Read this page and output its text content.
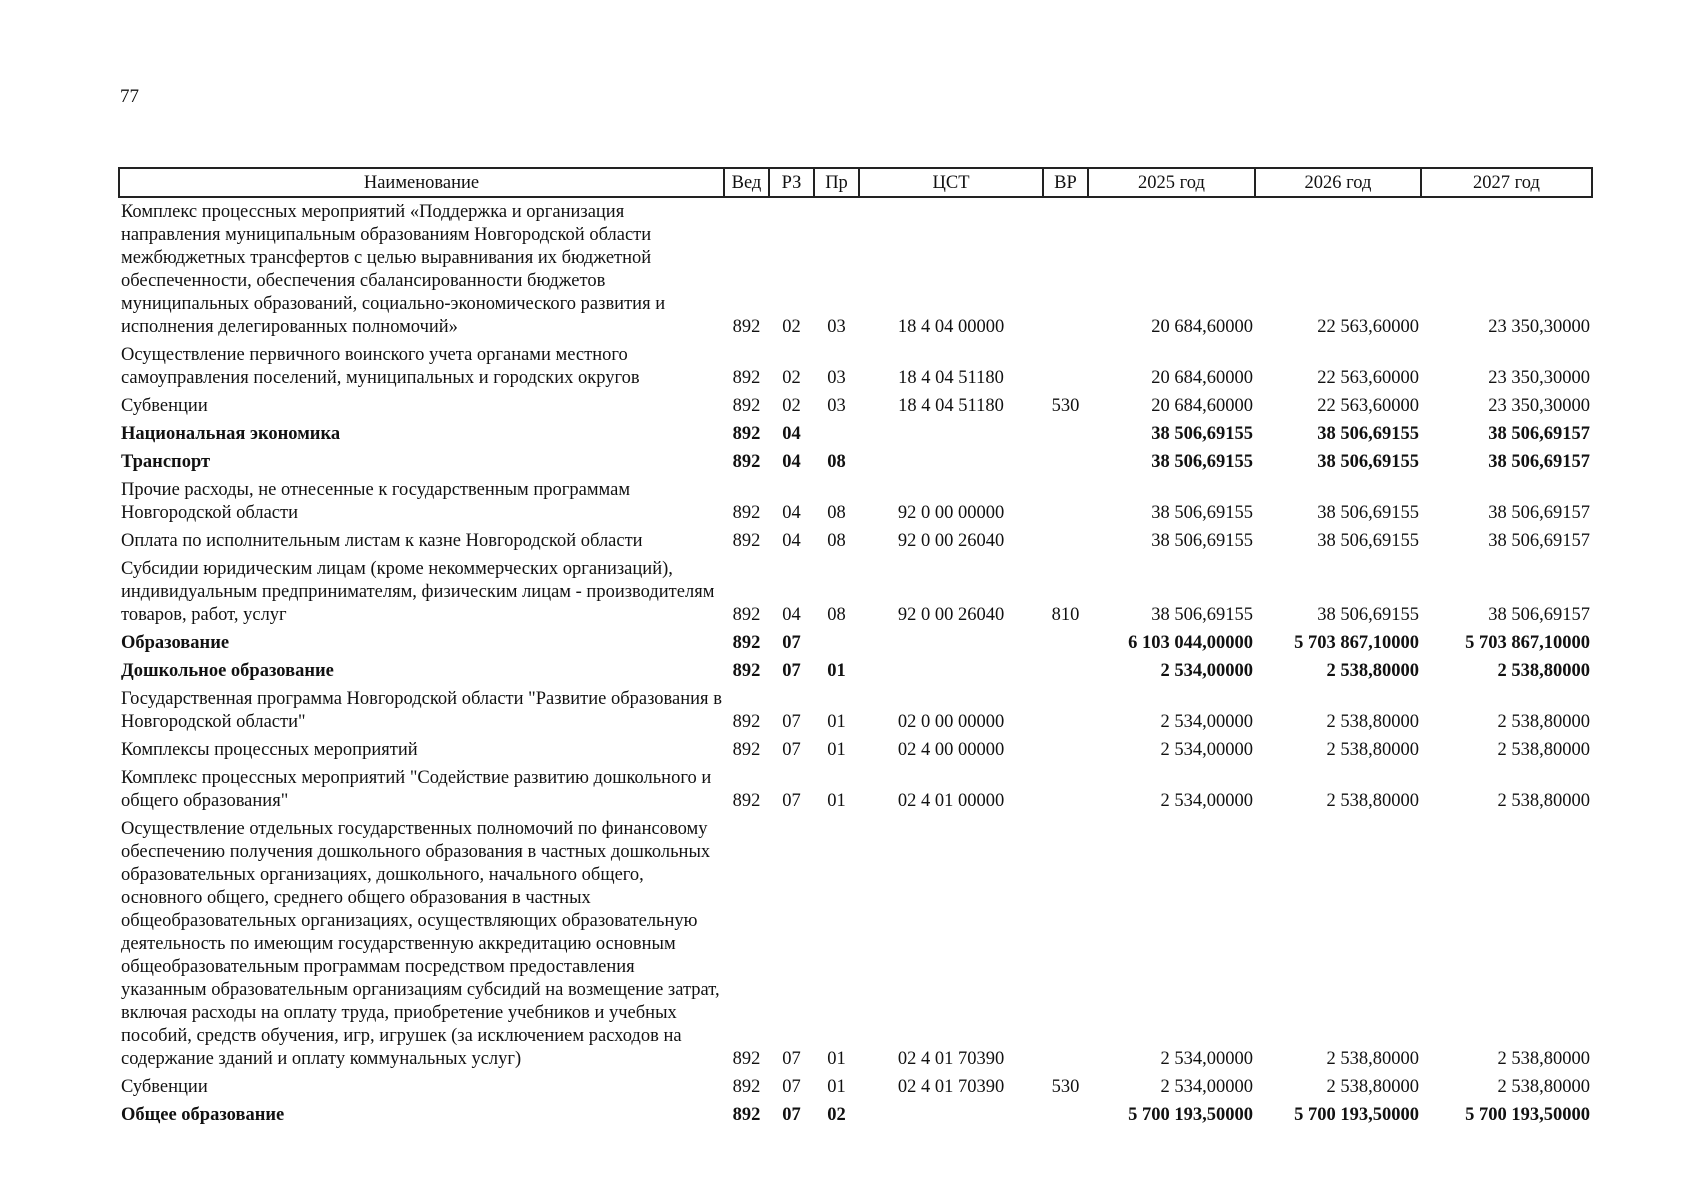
77
Наименование	Вед	РЗ	Пр	ЦСТ	ВР	2025 год	2026 год	2027 год
Комплекс процессных мероприятий «Поддержка и организация направления муниципальным образованиям Новгородской области межбюджетных трансфертов с целью выравнивания их бюджетной обеспеченности, обеспечения сбалансированности бюджетов муниципальных образований, социально-экономического развития и исполнения делегированных полномочий»	892	02	03	18 4 04 00000		20 684,60000	22 563,60000	23 350,30000
Осуществление первичного воинского учета органами местного самоуправления поселений, муниципальных и городских округов	892	02	03	18 4 04 51180		20 684,60000	22 563,60000	23 350,30000
Субвенции	892	02	03	18 4 04 51180	530	20 684,60000	22 563,60000	23 350,30000
Национальная экономика	892	04				38 506,69155	38 506,69155	38 506,69157
Транспорт	892	04	08			38 506,69155	38 506,69155	38 506,69157
Прочие расходы, не отнесенные к государственным программам Новгородской области	892	04	08	92 0 00 00000		38 506,69155	38 506,69155	38 506,69157
Оплата по исполнительным листам к казне Новгородской области	892	04	08	92 0 00 26040		38 506,69155	38 506,69155	38 506,69157
Субсидии юридическим лицам (кроме некоммерческих организаций), индивидуальным предпринимателям, физическим лицам - производителям товаров, работ, услуг	892	04	08	92 0 00 26040	810	38 506,69155	38 506,69155	38 506,69157
Образование	892	07				6 103 044,00000	5 703 867,10000	5 703 867,10000
Дошкольное образование	892	07	01			2 534,00000	2 538,80000	2 538,80000
Государственная программа Новгородской области "Развитие образования в Новгородской области"	892	07	01	02 0 00 00000		2 534,00000	2 538,80000	2 538,80000
Комплексы процессных мероприятий	892	07	01	02 4 00 00000		2 534,00000	2 538,80000	2 538,80000
Комплекс процессных мероприятий "Содействие развитию дошкольного и общего образования"	892	07	01	02 4 01 00000		2 534,00000	2 538,80000	2 538,80000
Осуществление отдельных государственных полномочий по финансовому обеспечению получения дошкольного образования в частных дошкольных образовательных организациях, дошкольного, начального общего, основного общего, среднего общего образования в частных общеобразовательных организациях, осуществляющих образовательную деятельность по имеющим государственную аккредитацию основным общеобразовательным программам посредством предоставления указанным образовательным организациям субсидий на возмещение затрат, включая расходы на оплату труда, приобретение учебников и учебных пособий, средств обучения, игр, игрушек (за исключением расходов на содержание зданий и оплату коммунальных услуг)	892	07	01	02 4 01 70390		2 534,00000	2 538,80000	2 538,80000
Субвенции	892	07	01	02 4 01 70390	530	2 534,00000	2 538,80000	2 538,80000
Общее образование	892	07	02			5 700 193,50000	5 700 193,50000	5 700 193,50000
